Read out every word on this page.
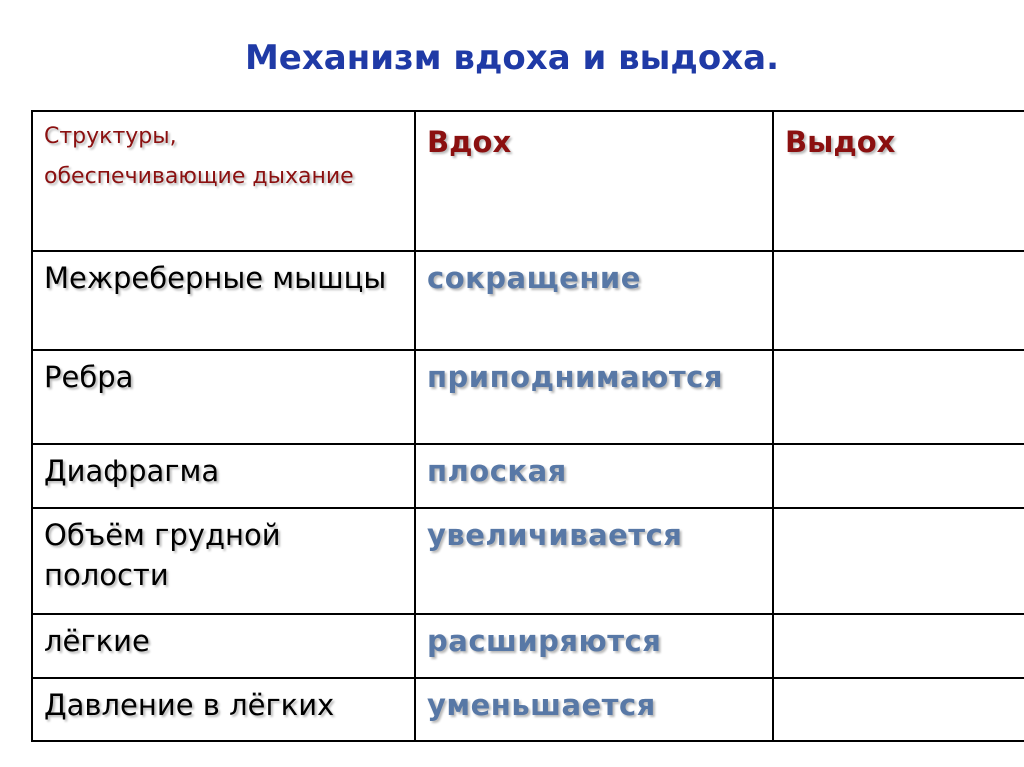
Механизм вдоха и выдоха.
Структуры,
обеспечивающие дыхание	Вдох	Выдох
Межреберные мышцы	сокращение	
Ребра	приподнимаются	
Диафрагма	плоская	
Объём грудной полости	увеличивается	
лёгкие	расширяются	
Давление в лёгких	уменьшается	
